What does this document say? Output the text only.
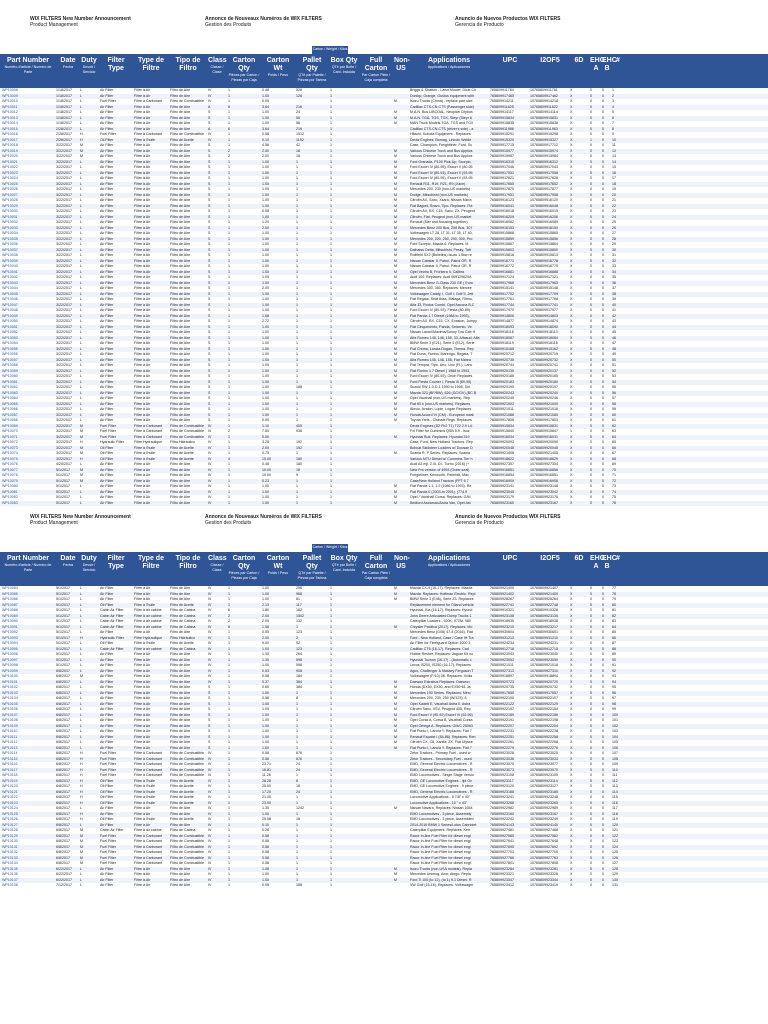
WIX FILTERS New Number Announcement
Product Management
Annonce de Nouveaux Numéros de WIX FILTERS
Gestion des Produits
Anuncio de Nuevos Productos WIX FILTERS
Gerencia de Producto
Carton / Weight / Kilos
Part Number
Numéro d'article / Numero de Parte
Date
Fecha
Duty
Devoir / Servicio
Filter Type
Type de Filtre
Tipo de Filtro
Class
Classe / Clase
Carton Qty
Pièces par Carton / Piezas por Caja
Carton Wt
Poids / Peso
Pallet Qty
QTé par Palette / Piezas por Tarima
Box Qty
QTé par Boîte / Cant. Incluida
Full Carton
Par Carton Plein / Caja completa
Non-US
Applications
Applications / Aplicaciones
UPC	I2OF5	6D EHC A
EHC B
#
WP10008	1/18/2017	L	Air Filter	Filtre à Air	Filtro de Aire	IV	1	0.48	528	1	Briggs & Stratton - Lawn Mower, Dixie Ch	765809911784	10765809911781	X	0	0	1
WP10009	1/18/2017	L	Air Filter	Filtre à Air	Filtro de Aire	IV	1	1.00	128	1	Dunlop, Grange, Gustus equipment with	765809917465	10765809917462	X	0	0	2
WP10010	1/18/2017	L	Fuel Filter	Filtre à Carburant	Filtro de Combustible	IV	1	0.00	1	M	Isuzu Trucks (China) - replace part size	765809914211	10765809914218	X	0	0	3
WP10011	1/18/2017	L	Air Filter	Filtre à Air	Filtro de Aire	A	6	3.64	216	1	Cadillac CTS-CN-CTS (Passenger side)	765809911625	10765809911622	X	0	0	4
WP10012	1/18/2017	L	Air Filter	Filtre à Air	Filtro de Aire	S	1	1.00	24	1	M	M.A.N. Bus LIBCOAL, Neoplan Citybus	765809914117	10765809914114	X	0	0	5
WP10013	1/18/2017	L	Air Filter	Filtre à Air	Filtro de Aire	S	1	1.00	56	1	M	M.A.N. TGA, TGS, TGX, Steyr (Steyr 6	765809915834	10765809915831	X	0	0	6
WP10014	1/18/2017	L	Air Filter	Filtre à Air	Filtro de Aire	S	1	1.00	56	1	M	MAN Truck Models TGA, TGS and TGX	765809915835	10765809915838	X	0	0	7
WP10015	2/28/2017	L	Air Filter	Filtre à Air	Filtro de Aire	A	6	3.64	216	1	Cadillac CTS-CN-CTS (driver's side) - a	765809911986	10765809911983	X	0	0	8
WP10016	2/28/2017	H	Fuel Filter	Filtre à Carburant	Filtro de Combustible	IV	1	0.58	1512	1	Hitachi, Kubota Equipment - Replaces	765809915291	10765809915298	X	0	0	9
WP10017	2/28/2017	H	Oil Filter	Filtre à l'huile	Filtro de Aceite	IV	1	0.10	1152	1	Deutz Engines, Bomag, Lincoln Welde	765809915320	10765809915327	X	1	0	10
WP10018	3/22/2017	M	Air Filter	Filtre à Air	Filtro de Aire	S	1	4.56	42	1	Case, Champion, Freightliner, Ford, Sc	765809917715	10765809917712	X	0	0	11
WP10019	3/22/2017	M	Air Filter	Filtre à Air	Filtro de Aire	S	2	2.00	18	1	M	Various Chinese Truck and Bus Applics	765809915977	10765809915974	X	0	0	12
WP10020	3/22/2017	M	Air Filter	Filtre à Air	Filtro de Aire	S	2	2.00	18	1	M	Various Chinese Truck and Bus Applics	765809915987	10765809915984	X	0	0	13
WP10021	3/22/2017	L	Air Filter	Filtre à Air	Filtro de Aire	S	1	1.00	1	1	M	Ford Granada, P100 Pick-Up, Scorpio,	765809916315	10765809916312	X	0	0	14
WP10022	3/22/2017	L	Air Filter	Filtre à Air	Filtro de Aire	S	1	1.00	1	1	M	Ford Escort IV (80-95), Escort V (80-95	765809917046	10765809917043	X	0	0	15
WP10023	3/22/2017	L	Air Filter	Filtre à Air	Filtro de Aire	S	1	1.00	1	1	M	Ford Escort IV (80-93), Escort V (93-95	765809917051	10765809917058	X	0	0	16
WP10024	3/22/2017	L	Air Filter	Filtre à Air	Filtro de Aire	S	1	1.00	1	1	M	Ford Escort IV (80-95), Escort V (93-95	765809917621	10765809917628	X	0	0	17
WP10025	3/22/2017	L	Air Filter	Filtre à Air	Filtro de Aire	S	1	1.00	1	1	M	Renault R11, R19, R21, R9 (Juice)	765809917655	10765809917652	X	0	0	18
WP10026	3/22/2017	L	Air Filter	Filtre à Air	Filtro de Aire	S	1	1.00	1	1	M	Mercedes 200, 230 (non-US markets)	765809917870	10765809917877	X	0	0	19
WP10027	3/22/2017	L	Air Filter	Filtre à Air	Filtro de Aire	S	1	1.00	1	1	M	Dodge, Mitsubishi (non-US markets)	765809917951	10765809917958	X	0	0	20
WP10028	3/22/2017	L	Air Filter	Filtre à Air	Filtro de Aire	S	1	1.00	1	1	M	Citroën AX, Saxo, Xsara, Nissan Micra	765809916123	10765809916120	X	0	0	21
WP10029	3/22/2017	L	Air Filter	Filtre à Air	Filtro de Aire	S	1	1.00	1	1	M	Fiat Bagoni, Bravo, Tipo. Replaces: Fia	765809916041	10765809916048	X	0	0	22
WP10030	3/22/2017	L	Air Filter	Filtre à Air	Filtro de Aire	S	1	0.58	1	1	M	Citroën AX, BX, C15, Saxo, ZX, Peugeot	765809916018	10765809916015	X	0	0	23
WP10031	3/22/2017	L	Air Filter	Filtre à Air	Filtro de Aire	S	1	1.00	1	1	M	Citroën, Fiat, Peugeot (non-US market	765809916209	10765809916206	X	0	0	24
WP10032	3/22/2017	L	Air Filter	Filtre à Air	Filtro de Aire	S	1	1.20	1	1	M	Renault (8Ier and focusing together)	765809916082	10765809916089	X	0	0	25
WP10033	3/22/2017	L	Air Filter	Filtre à Air	Filtro de Aire	S	1	2.00	1	1	M	Mercedes Benz 200 Bus, 208 Bus, 307	765809916153	10765809916150	X	0	0	26
WP10034	3/22/2017	L	Air Filter	Filtre à Air	Filtro de Aire	S	1	1.00	1	1	M	Volkswagen LT 28, LT 31, LT 35, LT 40,	765809915868	10765809915865	X	0	0	27
WP10035	3/22/2017	L	Air Filter	Filtre à Air	Filtro de Aire	S	1	1.00	1	1	M	Mercedes 200, 220, 250, 290, 300, Pro	765809915859	10765809915856	X	0	0	28
WP10036	3/22/2017	L	Air Filter	Filtre à Air	Filtro de Aire	S	1	1.00	1	1	M	Ford Scorpio, Mazda 6. Replaces: M	765809915867	10765809915864	X	0	0	29
WP10037	3/22/2017	L	Air Filter	Filtre à Air	Filtro de Aire	S	1	1.00	1	1	M	Daihatsu Delta, Mitsubishi, Pesky, Taft	765809915803	10765809915800	X	0	0	30
WP10038	3/22/2017	L	Air Filter	Filtre à Air	Filtro de Aire	S	1	1.00	1	1	M	Rollfield SX2 (Bulletins) Isuzu 1.5kw re	765809915816	10765809915813	X	0	0	31
WP10039	3/22/2017	L	Air Filter	Filtre à Air	Filtro de Aire	S	1	1.00	1	1	M	Nissan Cabstar II, Patrol, Patrol GR. R	765809916771	10765809916778	X	0	0	32
WP10040	3/22/2017	L	Air Filter	Filtre à Air	Filtro de Aire	S	1	1.00	1	1	M	Nissan Cabstar II, Patrol, Patrol GR. R	765809916772	10765809916775	X	0	0	33
WP10041	3/22/2017	L	Air Filter	Filtre à Air	Filtro de Aire	S	1	1.00	1	1	M	Opel Vectra B, Frontera II, Calibra	765809916881	10765809916888	X	0	0	34
WP10042	3/22/2017	L	Air Filter	Filtre à Air	Filtro de Aire	S	1	1.00	1	1	M	Audi 100. Replaces: Audi 069129620A	765809917124	10765809917121	X	0	0	35
WP10043	3/22/2017	L	Air Filter	Filtre à Air	Filtro de Aire	S	1	1.00	1	1	M	Mercedes Benz G-Class 230 GE ( Euro	765809917966	10765809917963	X	0	0	36
WP10044	3/22/2017	L	Air Filter	Filtre à Air	Filtro de Aire	S	1	2.00	1	1	M	Mercedes 300, 350. Replaces: Mercee	765809915141	10765809915148	X	0	0	37
WP10045	3/22/2017	L	Air Filter	Filtre à Air	Filtro de Aire	S	1	1.00	1	1	M	Volkswagen Caddy, I, Golf I, Golf II, Jett	765809917702	10765809917709	X	0	0	38
WP10046	3/22/2017	L	Air Filter	Filtre à Air	Filtro de Aire	S	1	1.00	1	1	M	Fiat Regata, Seat Ibiza, Malaga, Ritmo,	765809917761	10765809917768	X	0	0	39
WP10047	3/22/2017	L	Air Filter	Filtre à Air	Filtro de Aire	S	1	1.00	1	1	M	Alfa 33, Rodos Combi, Opel Ascona B,C	765809917744	10765809917741	X	0	0	40
WP10048	3/22/2017	L	Air Filter	Filtre à Air	Filtro de Aire	S	1	1.00	1	1	M	Ford Escort IV (80-93), Fiesta (80-89)	765809917970	10765809917977	X	0	0	41
WP10049	3/22/2017	L	Air Filter	Filtre à Air	Filtro de Aire	S	1	1.68	1	1	M	Fiat Panda 1.7 Diesel (1988 to 1993),	765809914806	10765809914803	X	0	0	42
WP10050	3/22/2017	L	Air Filter	Filtre à Air	Filtro de Aire	S	1	2.72	1	1	M	Citroën AX, BX, C15, CX, Evasion, Jumpy	765809914877	10765809914874	X	0	0	43
WP10051	3/22/2017	L	Air Filter	Filtre à Air	Filtro de Aire	S	1	1.00	1	1	M	Fiat Cinquecento, Panda, Seicento, Ve	765809918093	10765809918090	X	0	0	44
WP10052	3/22/2017	L	Air Filter	Filtre à Air	Filtro de Aire	S	1	1.00	1	1	M	Nissan Laurel/Maxima/Sunny Tow Cab H	765809918116	10765809918113	X	0	0	45
WP10053	3/22/2017	L	Air Filter	Filtre à Air	Filtro de Aire	S	1	1.00	1	1	M	Alfa Romeo 145, 146, 155, 33, Alfasud, Alfa	765809918087	10765809918084	X	0	0	46
WP10054	3/22/2017	L	Air Filter	Filtre à Air	Filtro de Aire	S	1	1.00	1	1	M	BMW Serie 3 (E21), Serie 5 (E12), Serie	765809918119	10765809918116	X	0	0	47
WP10055	3/22/2017	L	Air Filter	Filtre à Air	Filtro de Aire	S	1	1.00	1	1	M	Fiat Croma, Lancia Dogan, Thema. Rep	765809915165	10765809915162	X	0	0	48
WP10056	3/22/2017	L	Air Filter	Filtre à Air	Filtro de Aire	S	1	1.00	1	1	M	Fiat Duna, Fiorino, Marengo, Regata, T	765809920712	10765809920719	X	0	0	49
WP10057	3/22/2017	L	Air Filter	Filtre à Air	Filtro de Aire	S	1	1.00	1	1	M	Alfa Romeo 145, 146, 155, Fiat Marea	765809920735	10765809920732	X	0	0	50
WP10058	3/22/2017	L	Air Filter	Filtre à Air	Filtro de Aire	S	1	1.00	1	1	M	Fiat Tempra, Tipo, Uno, Uno (FL), Lanc	765809920744	10765809920741	X	0	0	51
WP10059	3/22/2017	L	Air Filter	Filtre à Air	Filtro de Aire	S	1	1.00	1	1	M	Fiat Florino 1.7 Diesel ( 1988 to 1993,	765809920130	10765809920137	X	0	0	52
WP10060	3/22/2017	L	Air Filter	Filtre à Air	Filtro de Aire	S	1	1.00	1	1	M	Ford Escort IV (80-93), Orion Replaces	765809920188	10765809920185	X	0	0	53
WP10061	3/22/2017	L	Air Filter	Filtre à Air	Filtro de Aire	S	1	1.00	1	1	M	Ford Fiesta Courier I, Fiesta III (89-95)	765809920183	10765809920180	X	0	0	54
WP10062	3/22/2017	L	Air Filter	Filtre à Air	Filtro de Aire	S	1	1.00	188	1	M	Suzuki SW-1.0-D-1 1990 to 1998, Sol	765809920190	10765809920197	X	0	0	55
WP10063	3/22/2017	L	Air Filter	Filtre à Air	Filtro de Aire	S	1	1.00	1	1	M	Mazda 323 (BF/BW), 626 (GC/GV) (BC B	765809920243	10765809920240	X	0	0	56
WP10064	3/22/2017	L	Air Filter	Filtre à Air	Filtro de Aire	S	1	1.00	1	1	M	Opel Vauxhall (non-US markets), Rep	765809920249	10765809920246	X	0	0	57
WP10065	3/22/2017	L	Air Filter	Filtre à Air	Filtro de Aire	S	1	1.00	1	1	M	Fiat 60 k (non-US markets). Replaces	765809921003	10765809921000	X	0	0	58
WP10066	3/22/2017	L	Air Filter	Filtre à Air	Filtro de Aire	S	1	1.00	1	1	M	Alevio, Avalon, Lupin, Logan Replaces	765809921011	10765809921018	X	0	0	59
WP10067	3/22/2017	L	Air Filter	Filtre à Air	Filtro de Aire	S	1	1.00	1	1	M	Honda Accord VI (CM) - European mark	765809921088	10765809921085	X	0	0	60
WP10068	3/22/2017	L	Air Filter	Filtre à Air	Filtro de Aire	S	1	0.90	1	1	M	Toyota Yaris - Chassis Regs. Replaces	765809917806	10765809917803	X	0	0	61
WP10069	3/22/2017	M	Fuel Filter	Filtre à Carburant	Filtro de Combustible	IV	1	1.10	405	1	Deutz Engines (D2 Fb2 T1) T22 2.9 L4.	765809915834	10765809915831	X	0	0	62
WP10070	3/22/2017	M	Fuel Filter	Filtre à Carburant	Filtro de Combustible	IV	2	7.50	936	1	Fxl Filter for Cummins QSB 5.9 - Isuz	765809915840	10765809915847	1	0	0	63
WP10071	3/22/2017	M	Fuel Filter	Filtre à Carburant	Filtro de Combustible	IV	1	0.00	1	M	Hyundai Bus. Replaces: Hyundai 319	765809916034	10765809916031	X	0	0	64
WP10072	3/22/2017	H	Hydraulic Filter	Filtre Hydraulique	Filtro Hidráulico	IV	1	3.28	192	1	Case, Ford, New Holland Tractors. Rep	765809920093	10765809920090	X	0	0	65
WP10073	3/22/2017	M	Oil Filter	Filtre à l'huile	Filtro de Aceite	IV	1	2.00	192	1	Bobcat Skidsteer Loaders w/ Doosan D	765809920048	10765809920045	X	0	0	66
WP10074	3/22/2017	M	Oil Filter	Filtre à l'huile	Filtro de Aceite	IV	1	0.75	1	1	M	Scania R, P Series. Replaces: Scania	765809921408	10765809921405	X	0	0	67
WP10075	3/22/2017	H	Oil Filter	Filtre à l'huile	Filtro de Aceite	IV	4	15.00	180	1	Various MTU Diesel w/ Cummins Tier h	765809918622	10765809918629	X	0	0	68
WP10076	4/20/2017	L	Air Filter	Filtre à Air	Filtro de Aire	IV	1	0.48	180	1	Audi A3 mjl. 2.0L D.I. Turbo (2016) (+	765809927357	10765809927354	X	0	0	69
WP10077	5/1/2017	M	Air Filter	Filtre à Air	Filtro de Aire	IV	1	10.00	18	1	New Pro version of 4993 (Outer seal)	765809916851	10765809916858	X	0	0	70
WP10078	5/1/2017	M	Air Filter	Filtre à Air	Filtro de Aire	IV	1	10.00	9	1	Freightliner, Kenworth, Peterbilt, Mac	765809916854	10765809916851	X	0	0	71
WP10079	5/1/2017	M	Air Filter	Filtre à Air	Filtro de Aire	IV	1	0.23	1	1	Case/New Holland Tractors (FPT 6 7	765809916909	10765809916906	X	0	0	72
WP10080	5/1/2017	L	Air Filter	Filtre à Air	Filtro de Aire	IV	1	1.00	1	1	M	Fiat Panda 1.1, 1.2 (1986 to 1993). Re	765809923141	10765809923148	X	0	0	73
WP10081	5/1/2017	L	Air Filter	Filtre à Air	Filtro de Aire	IV	1	1.00	1	1	M	Fiat Panda II (2003-to 2001). (774.9	765809923045	10765809923042	X	0	0	74
WP10082	5/1/2017	L	Air Filter	Filtre à Air	Filtro de Aire	IV	1	1.00	1	1	M	Opel / Vauxhall Corsa. Replaces: G/M	765809923179	10765809923176	X	0	0	75
WP10083	5/1/2017	L	Air Filter	Filtre à Air	Filtro de Aire	IV	1	1.00	1	1	M	Bedford Astramax/Astra Van, Opel Ast	765809923160	10765809923167	X	0	0	76
WIX FILTERS New Number Announcement
Product Management
Annonce de Nouveaux Numéros de WIX FILTERS
Gestion des Produits
Anuncio de Nuevos Productos WIX FILTERS
Gerencia de Producto
Carton / Weight / Kilos
Part Number
Numéro d'article / Numero de Parte
Date
Fecha
Duty
Devoir / Servicio
Filter Type
Type de Filtre
Tipo de Filtro
Class
Classe / Clase
Carton Qty
Pièces par Carton / Piezas por Caja
Carton Wt
Poids / Peso
Pallet Qty
QTé par Palette / Piezas por Tarima
Box Qty
QTé par Boîte / Cant. Incluida
Full Carton
Par Carton Plein / Caja completa
Non-US
Applications
Applications / Aplicaciones
UPC	I2OF5	6D EHC A
EHC B
#
WP10084	5/1/2017	L	Air Filter	Filtre à Air	Filtro de Aire	IV	1	1.00	256	1	M	Mazda CX-9 (16-17). Replaces: Mazda	765809921400	10765809921407	X	0	0	77
WP10085	5/1/2017	L	Air Filter	Filtre à Air	Filtro de Aire	IV	1	1.00	968	1	M	Mazda. Replaces: Hoffman Electric. Repl	765809921402	10765809921409	X	0	0	78
WP10086	5/1/2017	L	Air Filter	Filtre à Air	Filtro de Aire	IV	1	1.00	81	1	M	BMW Serie 3 (E46), Serie Z3. Replaces	765809926267	10765809926264	X	0	0	79
WP10087	5/1/2017	L	Oil Filter	Filtre à l'huile	Filtro de Aceite	IV	1	2.13	117	1	Replacement element for Oiland vehicle	765809922741	10765809922748	X	0	0	80
WP10088	5/1/2017	L	Cabin Air Filter	Filtre à air cabine	Filtro de Cabina	IV	6	1.80	162	1	Hyundai, Kia (16-17). Replaces: Hyund	765809910321	10765809910328	X	0	0	81
WP10089	5/1/2017	L	Cabin Air Filter	Filtre à air cabine	Filtro de Cabina	IV	2	2.00	1502	1	John Deere Articulated Dump Trucks 1	765809923138	10765809923135	X	0	0	82
WP10090	5/1/2017	L	Cabin Air Filter	Filtre à air cabine	Filtro de Cabina	IV	2	2.00	132	1	Caterpillar Loaders - 920K, 972M, 980	765809918939	10765809918936	X	0	0	83
WP10091	5/1/2017	L	Cabin Air Filter	Filtre à air cabine	Filtro de Cabina	IV	6	1.56	1	1	M	Chrysler Pacifica (2017). Replaces: Mo	765809923210	10765809923217	X	0	0	84
WP10092	5/1/2017	L	Air Filter	Filtre à Air	Filtro de Aire	IV	1	0.55	123	1	Mercedes Benz (G06) 47-4 (2016), Fiat	765809930604	10765809930601	X	0	0	85
WP10093	5/1/2017	H	Hydraulic Filter	Filtre Hydraulique	Filtro Hidráulico	IV	1	2.00	2	1	Ford - New Holland, Case / Case IH Tra	765809931213	10765809931210	X	0	0	86
WP10094	5/1/2017	L	Oil Filter	Filtre à l'huile	Filtro de Aceite	IV	1	9.00	92	1	Air Filter for Fleetguard Option 1000 3	765809924234	10765809924231	X	0	0	87
WP10095	5/1/2017	L	Cabin Air Filter	Filtre à air cabine	Filtro de Cabina	IV	1	1.00	123	1	Cadillac CT6 (16-17). Replaces: Cad	765809912718	10765809912715	X	0	0	88
WP10096	5/1/2017	L	Air Filter	Filtre à Air	Filtro de Aire	IV	1	1.30	264	1	Hubbe Resher, Replaces: Jaguar Kit no	765809923043	10765809923040	X	0	0	89
WP10097	5/1/2017	L	Air Filter	Filtre à Air	Filtro de Aire	IV	1	1.30	598	1	Hyundai Tucson (16-17) - (Automatic c	765809923053	10765809923050	X	0	0	90
WP10098	5/1/2017	L	Air Filter	Filtre à Air	Filtro de Aire	IV	1	1.00	598	1	Lexus IS200, IS250 (16-17), Replaces	765809921011	10765809921018	X	0	0	91
WP10099	6/8/2017	L	Air Filter	Filtre à Air	Filtro de Aire	IV	1	0.53	908	1	Agco, Challenger & Massey Ferguson T	765809927313	10765809927310	X	0	0	92
WP10100	6/8/2017	M	Air Filter	Filtre à Air	Filtro de Aire	IV	1	0.58	184	1	Volkswagen (F/10) 08. Replaces: Volks	765809918897	10765809918894	X	0	0	93
WP10101	6/8/2017	L	Air Filter	Filtre à Air	Filtro de Aire	IV	1	0.37	384	1	M	Daewoo Estrabus Replaces: Daewoo	765809920723	10765809920720	X	0	0	94
WP10102	6/8/2017	L	Air Filter	Filtre à Air	Filtro de Aire	S	1	0.60	384	1	M	Honda (DX50, EX50, and EX50*61 Ja	765809920735	10765809920732	X	0	0	95
WP10103	6/8/2017	L	Air Filter	Filtre à Air	Filtro de Aire	S	1	1.00	1	1	M	Mercedes 190 Series. Replaces: Merc	765809917650	10765809917657	X	0	0	96
WP10104	6/8/2017	L	Air Filter	Filtre à Air	Filtro de Aire	S	1	0.58	8	1	M	Mercedes 200, 230, 250 (W/123), 8	765809922100	10765809922107	X	0	0	97
WP10105	6/8/2017	L	Air Filter	Filtre à Air	Filtro de Aire	S	1	1.00	1	1	M	Opel Kadett E, Vauxhall Astra II. Astra	765809922122	10765809922129	X	0	0	98
WP10106	6/8/2017	L	Air Filter	Filtre à Air	Filtro de Aire	S	1	1.00	1	1	M	Citroën Saxo, XSV, Peugeot 405, Rep	765809922157	10765809922154	X	0	0	99
WP10107	6/8/2017	L	Air Filter	Filtre à Air	Filtro de Aire	S	1	1.00	1	1	M	Ford Escort V (90-92) Escort VI (92-95)	765809922189	10765809922186	X	0	0	100
WP10108	6/8/2017	L	Air Filter	Filtre à Air	Filtro de Aire	S	1	1.00	1	1	M	Opel Corsa A, Corsa B, Vauxhall Corsa	765809922191	10765809922198	X	0	0	101
WP10109	6/8/2017	L	Air Filter	Filtre à Air	Filtro de Aire	S	1	1.00	1	1	M	Opel Omega A. Replaces: GM/C 25063	765809922207	10765809922204	X	0	0	102
WP10110	6/8/2017	L	Air Filter	Filtre à Air	Filtro de Aire	S	1	1.00	1	1	M	Fiat Punto I, Lancia Y. Replaces: Fiat 7	765809922231	10765809922238	X	0	0	103
WP10111	6/8/2017	L	Air Filter	Filtre à Air	Filtro de Aire	S	1	1.00	1	1	M	Renault Espace I (84-88). Replaces: Ren	765809922251	10765809922258	X	0	0	104
WP10112	6/8/2017	L	Air Filter	Filtre à Air	Filtro de Aire	S	1	1.00	1	1	M	Citroën CX, C8, Xantia, ZX, Fiat Ulysse	765809922261	10765809922268	X	0	0	105
WP10113	6/8/2017	L	Air Filter	Filtre à Air	Filtro de Aire	S	1	1.00	1	1	M	Fiat Punto I, Lancia Y. Replaces: Fiat 7	765809922279	10765809922276	X	0	0	106
WP10114	6/8/2017	H	Fuel Filter	Filtre à Carburant	Filtro de Combustible	IV	1	0.58	676	1	Zetor Tractors - Primary Fuel - used w	765809923028	10765809923025	X	0	0	107
WP10115	6/8/2017	H	Fuel Filter	Filtre à Carburant	Filtro de Combustible	IV	1	0.58	676	1	Zetor Tractors - Secondary Fuel - used	765809923036	10765809923033	X	0	0	108
WP10116	6/8/2017	H	Fuel Filter	Filtre à Carburant	Filtro de Combustible	IV	1	23.71	24	1	EMD, General Electric Locomotives - R	765809923070	10765809923077	X	0	0	109
WP10117	6/8/2017	H	Fuel Filter	Filtre à Carburant	Filtro de Combustible	IV	1	16.81	24	1	EMD, General Electric Locomotives - R	765809923073	10765809923070	X	0	0	110
WP10118	6/8/2017	H	Fuel Filter	Filtre à Carburant	Filtro de Combustible	IV	1	11.28	1	1	EMD Locomotives - Single Stage Versio	765809923108	10765809923105	X	0	0	111
WP10119	6/8/2017	H	Oil Filter	Filtre à l'huile	Filtro de Aceite	IV	1	28.28	6	1	EMD, GE Locomotive Engines - Ilpl Ov	765809923117	10765809923114	X	0	0	112
WP10120	6/8/2017	H	Oil Filter	Filtre à l'huile	Filtro de Aceite	IV	1	25.00	18	1	EMD, GE Locomotive Engines - 9 piece	765809923120	10765809923127	X	0	0	113
WP10121	6/8/2017	H	Oil Filter	Filtre à l'huile	Filtro de Aceite	IV	1	17.20	24	1	EMD, General Electric Locomotives - R	765809923188	10765809923185	X	0	0	114
WP10122	6/8/2017	H	Oil Filter	Filtre à l'huile	Filtro de Aceite	IV	1	21.00	1	1	Locomotive Applications - 8 7/8" x 40"	765809923241	10765809923248	X	0	0	115
WP10123	6/8/2017	H	Oil Filter	Filtre à l'huile	Filtro de Aceite	IV	1	23.00	1	1	Locomotive Applications - 10 " x 43"	765809923268	10765809923265	X	0	0	116
WP10124	6/8/2017	L	Air Filter	Filtre à Air	Filtro de Aire	IV	1	1.35	1242	1	M	Nissan Navara, Replaces: Nissan 1654	765809922982	10765809922989	X	0	0	117
WP10125	6/8/2017	H	Air Filter	Filtre à Air	Filtro de Aire	IV	1	1.00	1	1	EMD Locomotives - 3 piece, Assembly	765809923160	10765809923167	X	0	0	118
WP10126	6/8/2017	H	Oil Filter	Filtre à l'huile	Filtro de Aceite	IV	1	25.58	16	1	EMD Locomotives - 3 piece, Assembled	765809923242	10765809923249	X	0	0	119
WP10127	6/8/2017	L	Air Filter	Filtre à Air	Filtro de Aire	IV	1	0.10	1	1	2014-2016 BMW 1 Series/Lotus Cabriolet	765809924143	10765809924140	X	0	0	120
WP10128	6/8/2017	M	Cabin Air Filter	Filtre à air cabine	Filtro de Cabina	IV	1	0.28	1	1	Caterpillar Equipment. Replaces: Ketr	765809927481	10765809927488	X	0	0	121
WP10129	6/8/2017	M	Fuel Filter	Filtre à Carburant	Filtro de Combustible	IV	1	0.58	1	1	Racor In-line Fuel Filter for diesel engi	765809927585	10765809927582	X	0	0	122
WP10130	6/8/2017	M	Fuel Filter	Filtre à Carburant	Filtro de Combustible	IV	1	0.58	1	1	Racor In-line Fuel Filter for diesel engi	765809927641	10765809927648	X	0	0	123
WP10131	6/8/2017	M	Fuel Filter	Filtre à Carburant	Filtro de Combustible	IV	1	0.58	1	1	Racor In-line Fuel Filter for diesel engi	765809927695	10765809927692	X	0	0	124
WP10132	6/8/2017	M	Fuel Filter	Filtre à Carburant	Filtro de Combustible	IV	1	0.58	1	1	Racor In-line Fuel Filter for diesel engi	765809927703	10765809927700	X	0	0	125
WP10133	6/8/2017	M	Fuel Filter	Filtre à Carburant	Filtro de Combustible	IV	1	0.58	1	1	Racor In-line Fuel Filter for diesel engi	765809927766	10765809927763	X	0	0	126
WP10134	6/8/2017	M	Fuel Filter	Filtre à Carburant	Filtro de Combustible	IV	1	0.58	1	1	Racor In-line Fuel Filter for diesel engi	765809927801	10765809927808	X	0	0	127
WP10135	6/22/2017	L	Air Filter	Filtre à Air	Filtro de Aire	IV	1	1.08	1	1	M	Isuzu Trucks (non-USA models). Repla	765809923284	10765809923281	X	0	0	128
WP10136	6/22/2017	L	Air Filter	Filtre à Air	Filtro de Aire	IV	1	1.00	1	1	M	Mercedes Unimog, Axor, Atego. Repla	765809923321	10765809923328	X	0	0	129
WP10137	6/22/2017	L	Air Filter	Filtre à Air	Filtro de Aire	IV	1	1.00	1	1	M	Ford Ti 100 (to 12), (to 1) 9.1 Diesel. R	765809923347	10765809923344	X	0	0	130
WP10138	7/12/2017	L	Air Filter	Filtre à Air	Filtro de Aire	IV	1	0.95	188	1	VW Golf (15-16). Replaces: Volkswager	765809923412	10765809923419	X	0	0	131
